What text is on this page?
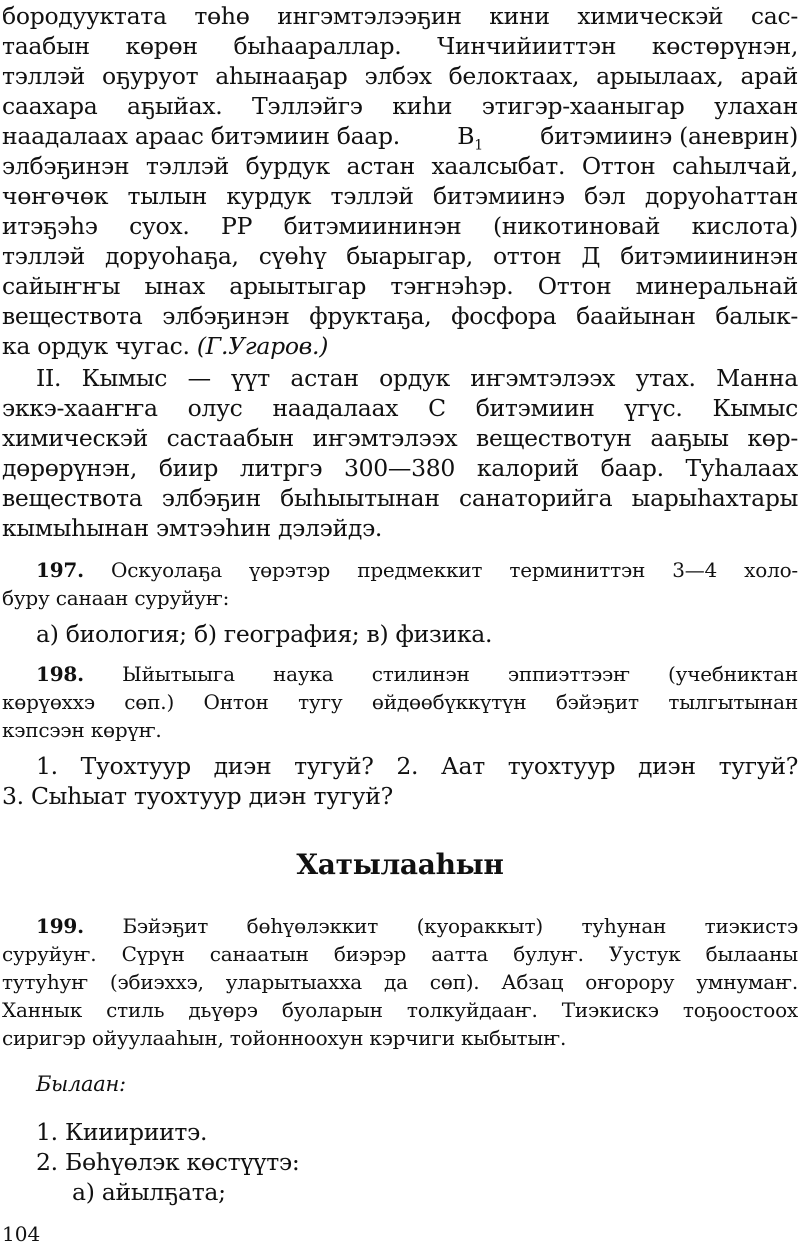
бородууктата төһө ингэмтэлээҕин кини химическэй сас-
таабын көрөн быһаараллар. Чинчийииттэн көстөрүнэн,
тэллэй оҕуруот аһынааҕар элбэх белоктаах, арыылаах, арай
саахара аҕыйах. Тэллэйгэ киһи этигэр-хааныгар улахан
наадалаах араас битэмиин баар. $B_1$ битэмиинэ (аневрин)
элбэҕинэн тэллэй бурдук астан хаалсыбат. Оттон саһылчай,
чөҥөчөк тылын курдук тэллэй битэмиинэ бэл доруоһаттан
итэҕэһэ суох. РР битэмиининэн (никотиновай кислота)
тэллэй доруоһаҕа, сүөһү быарыгар, оттон Д битэмиининэн
сайыҥҥы ынах арыытыгар тэҥнэһэр. Оттон минеральнай
веществота элбэҕинэн фруктаҕа, фосфора баайынан балык-
ка ордук чугас. (Г.Угаров.)
II. Кымыс — үүт астан ордук иҥэмтэлээх утах. Манна
эккэ-хааҥҥа олус наадалаах С битэмиин үгүс. Кымыс
химическэй састаабын иҥэмтэлээх веществотун ааҕыы көр-
дөрөрүнэн, биир литргэ 300—380 калорий баар. Туһалаах
веществота элбэҕин быһыытынан санаторийга ыарыһахтары
кымыһынан эмтээһин дэлэйдэ.
197. Оскуолаҕа үөрэтэр предмеккит терминиттэн 3—4 холо-
буру санаан суруйуҥ:
а) биология; б) география; в) физика.
198. Ыйытыыга наука стилинэн эппиэттээҥ (учебниктан
көрүөххэ сөп.) Онтон тугу өйдөөбүккүтүн бэйэҕит тылгытынан
кэпсээн көрүҥ.
1. Туохтуур диэн тугуй? 2. Аат туохтуур диэн тугуй?
3. Сыһыат туохтуур диэн тугуй?
Хатылааһын
199. Бэйэҕит бөһүөлэккит (куораккыт) туһунан тиэкистэ
суруйуҥ. Сүрүн санаатын биэрэр аатта булуҥ. Уустук былааны
тутуһуҥ (эбиэххэ, уларытыахха да сөп). Абзац оҥорору умнумаҥ.
Ханнык стиль дьүөрэ буоларын толкуйдааҥ. Тиэкискэ тоҕоостоох
сиригэр ойуулааһын, тойонноохун кэрчиги кыбытыҥ.
Былаан:
1. Кииириитэ.
2. Бөһүөлэк көстүүтэ:
а) айылҕата;
104
